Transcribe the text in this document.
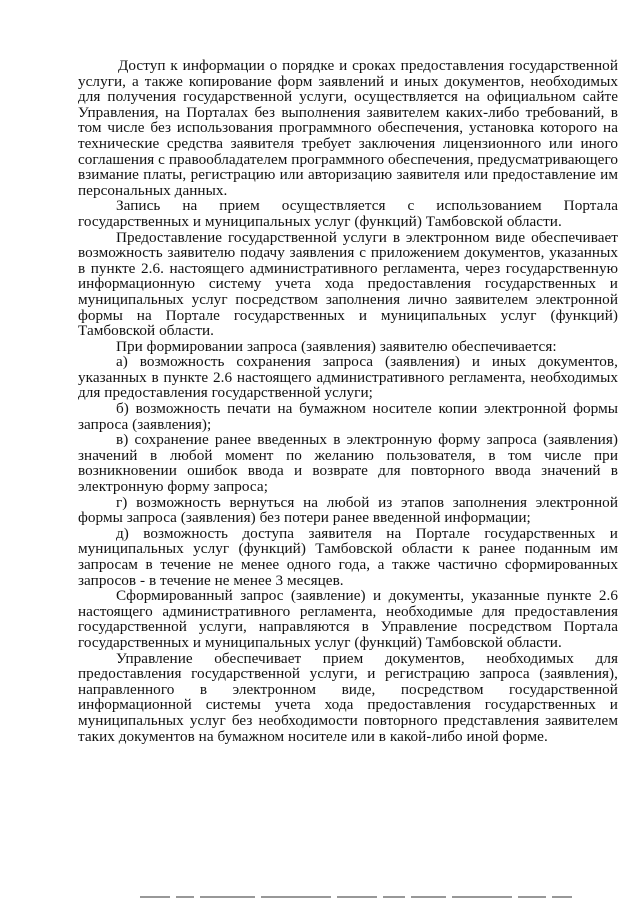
Доступ к информации о порядке и сроках предоставления государственной услуги, а также копирование форм заявлений и иных документов, необходимых для получения государственной услуги, осуществляется на официальном сайте Управления, на Порталах без выполнения заявителем каких-либо требований, в том числе без использования программного обеспечения, установка которого на технические средства заявителя требует заключения лицензионного или иного соглашения с правообладателем программного обеспечения, предусматривающего взимание платы, регистрацию или авторизацию заявителя или предоставление им персональных данных.

Запись на прием осуществляется с использованием Портала государственных и муниципальных услуг (функций) Тамбовской области.

Предоставление государственной услуги в электронном виде обеспечивает возможность заявителю подачу заявления с приложением документов, указанных в пункте 2.6. настоящего административного регламента, через государственную информационную систему учета хода предоставления государственных и муниципальных услуг посредством заполнения лично заявителем электронной формы на Портале государственных и муниципальных услуг (функций) Тамбовской области.

При формировании запроса (заявления) заявителю обеспечивается:

а) возможность сохранения запроса (заявления) и иных документов, указанных в пункте 2.6 настоящего административного регламента, необходимых для предоставления государственной услуги;

б) возможность печати на бумажном носителе копии электронной формы запроса (заявления);

в) сохранение ранее введенных в электронную форму запроса (заявления) значений в любой момент по желанию пользователя, в том числе при возникновении ошибок ввода и возврате для повторного ввода значений в электронную форму запроса;

г) возможность вернуться на любой из этапов заполнения электронной формы запроса (заявления) без потери ранее введенной информации;

д) возможность доступа заявителя на Портале государственных и муниципальных услуг (функций) Тамбовской области к ранее поданным им запросам в течение не менее одного года, а также частично сформированных запросов - в течение не менее 3 месяцев.

Сформированный запрос (заявление) и документы, указанные пункте 2.6 настоящего административного регламента, необходимые для предоставления государственной услуги, направляются в Управление посредством Портала государственных и муниципальных услуг (функций) Тамбовской области.

Управление обеспечивает прием документов, необходимых для предоставления государственной услуги, и регистрацию запроса (заявления), направленного в электронном виде, посредством государственной информационной системы учета хода предоставления государственных и муниципальных услуг без необходимости повторного представления заявителем таких документов на бумажном носителе или в какой-либо иной форме.
